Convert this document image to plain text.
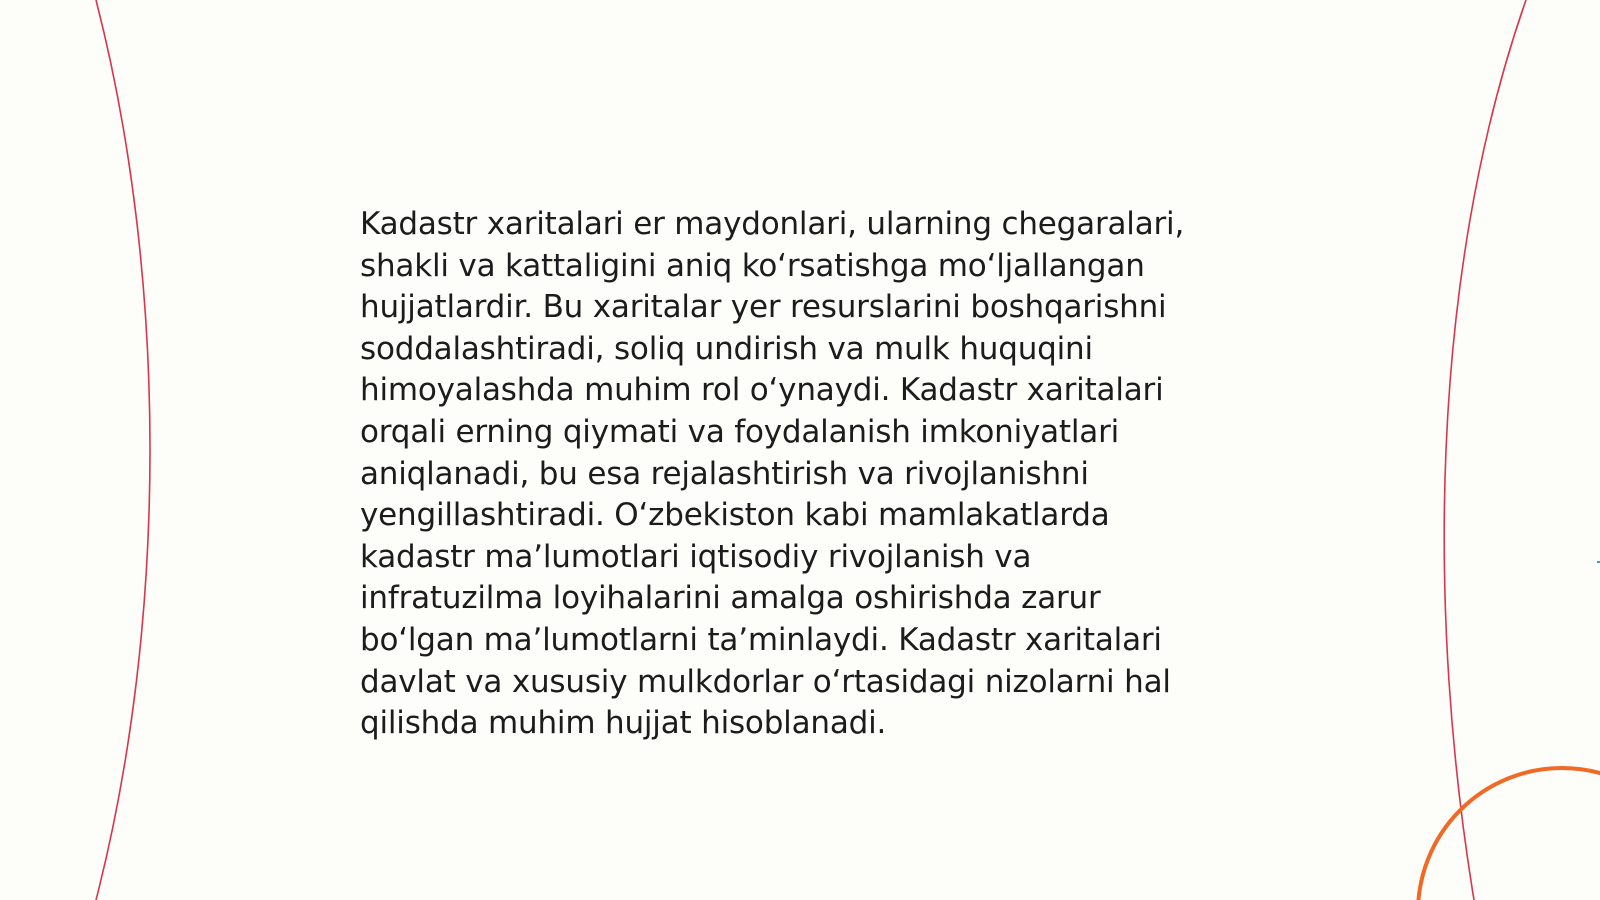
Kadastr xaritalari er maydonlari, ularning chegaralari,
shakli va kattaligini aniq ko‘rsatishga mo‘ljallangan
hujjatlardir. Bu xaritalar yer resurslarini boshqarishni
soddalashtiradi, soliq undirish va mulk huquqini
himoyalashda muhim rol o‘ynaydi. Kadastr xaritalari
orqali erning qiymati va foydalanish imkoniyatlari
aniqlanadi, bu esa rejalashtirish va rivojlanishni
yengillashtiradi. O‘zbekiston kabi mamlakatlarda
kadastr ma’lumotlari iqtisodiy rivojlanish va
infratuzilma loyihalarini amalga oshirishda zarur
bo‘lgan ma’lumotlarni ta’minlaydi. Kadastr xaritalari
davlat va xususiy mulkdorlar o‘rtasidagi nizolarni hal
qilishda muhim hujjat hisoblanadi.
